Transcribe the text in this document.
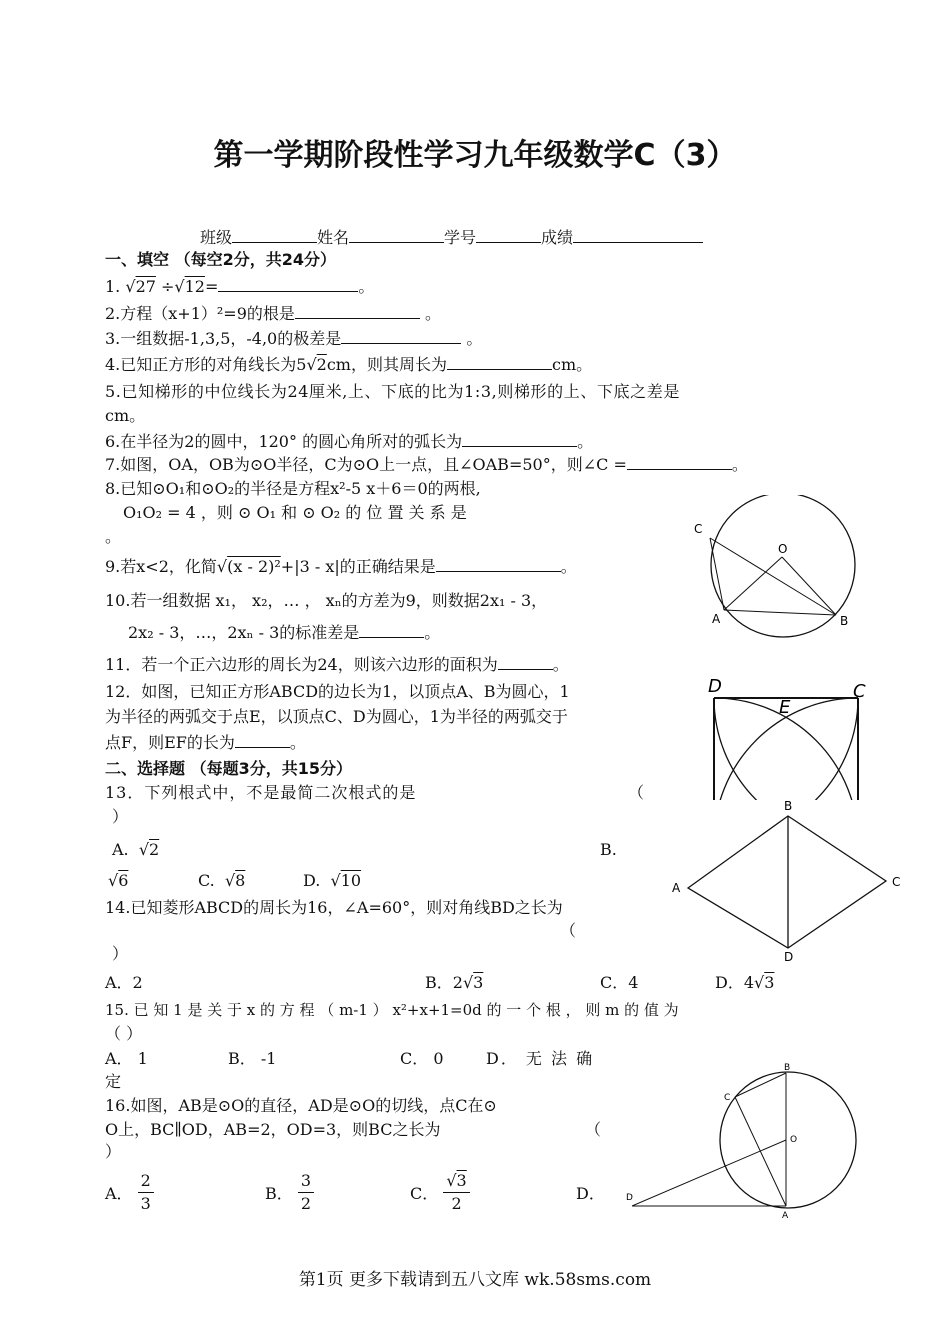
第一学期阶段性学习九年级数学C（3）
班级	姓名	学号	成绩
一、填空 （每空2分，共24分）
1. √27 ÷√12=	。
2.方程（x+1）²=9的根是	。
3.一组数据-1,3,5，-4,0的极差是	。
4.已知正方形的对角线长为5√2cm，则其周长为	cm。
5.已知梯形的中位线长为24厘米,上、下底的比为1:3,则梯形的上、下底之差是
cm。
6.在半径为2的圆中，120° 的圆心角所对的弧长为	。
7.如图，OA，OB为⊙O半径，C为⊙O上一点，且∠OAB=50°，则∠C =	。
8.已知⊙O₁和⊙O₂的半径是方程x²-5 x＋6＝0的两根,
O₁O₂ = 4 ，则 ⊙ O₁ 和 ⊙ O₂ 的 位 置 关 系 是
。
9.若x<2，化简√(x - 2)²+|3 - x|的正确结果是	。
10.若一组数据 x₁， x₂，… ， xₙ的方差为9，则数据2x₁ - 3，
2x₂ - 3，…，2xₙ - 3的标准差是	。
11．若一个正六边形的周长为24，则该六边形的面积为	。
12．如图，已知正方形ABCD的边长为1，以顶点A、B为圆心，1
为半径的两弧交于点E，以顶点C、D为圆心，1为半径的两弧交于
点F，则EF的长为	。
二、选择题 （每题3分，共15分）
13．下列根式中，不是最简二次根式的是	（
）
A. √2	B.
√6	C. √8	D. √10
14.已知菱形ABCD的周长为16，∠A=60°，则对角线BD之长为
（
）
A．2	B．2√3	C．4	D．4√3
15. 已 知 1 是 关 于 x 的 方 程 （ m-1 ） x²+x+1=0d 的 一 个 根 ， 则 m 的 值 为
（ ）
A． 1	B． -1	C． 0	D． 无 法 确
定
16.如图，AB是⊙O的直径，AD是⊙O的切线，点C在⊙
O上，BC∥OD，AB=2，OD=3，则BC之长为	（
）
A． $\frac{2}{3}$	B． $\frac{3}{2}$	C． $\frac{√3}{2}$	D．
C
O
A	B
D
E
C
A
B
C
D
B
C
O
D
A
第1页 更多下载请到五八文库 wk.58sms.com
